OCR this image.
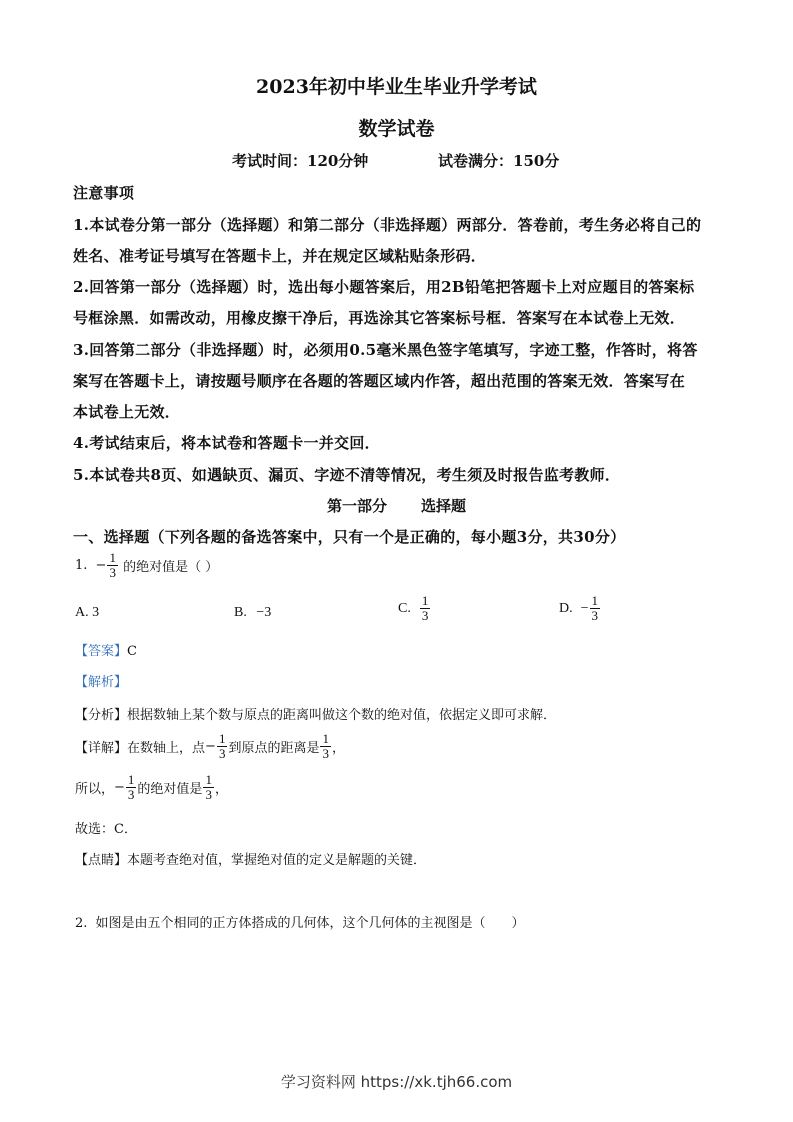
2023年初中毕业生毕业升学考试
数学试卷
考试时间：120分钟	试卷满分：150分
注意事项
1.本试卷分第一部分（选择题）和第二部分（非选择题）两部分．答卷前，考生务必将自己的
姓名、准考证号填写在答题卡上，并在规定区域粘贴条形码．
2.回答第一部分（选择题）时，选出每小题答案后，用2B铅笔把答题卡上对应题目的答案标
号框涂黑．如需改动，用橡皮擦干净后，再选涂其它答案标号框．答案写在本试卷上无效．
3.回答第二部分（非选择题）时，必须用0.5毫米黑色签字笔填写，字迹工整，作答时，将答
案写在答题卡上，请按题号顺序在各题的答题区域内作答，超出范围的答案无效．答案写在
本试卷上无效．
4.考试结束后，将本试卷和答题卡一并交回．
5.本试卷共8页、如遇缺页、漏页、字迹不清等情况，考生须及时报告监考教师．
第一部分 选择题
一、选择题（下列各题的备选答案中，只有一个是正确的，每小题3分，共30分）
1. − $\frac{1}{3}$ 的绝对值是（ ）
A. 3	B. −3	C. $\frac{1}{3}$	D. − $\frac{1}{3}$
【答案】C
【解析】
【分析】根据数轴上某个数与原点的距离叫做这个数的绝对值，依据定义即可求解．
【详解】 在数轴上，点 − $\frac{1}{3}$ 到原点的距离是 $\frac{1}{3}$ ，
所以， − $\frac{1}{3}$ 的绝对值是 $\frac{1}{3}$ ，
故选：C．
【点睛】本题考查绝对值，掌握绝对值的定义是解题的关键．
2. 如图是由五个相同的正方体搭成的几何体，这个几何体的主视图是（　　）
学习资料网 https://xk.tjh66.com
